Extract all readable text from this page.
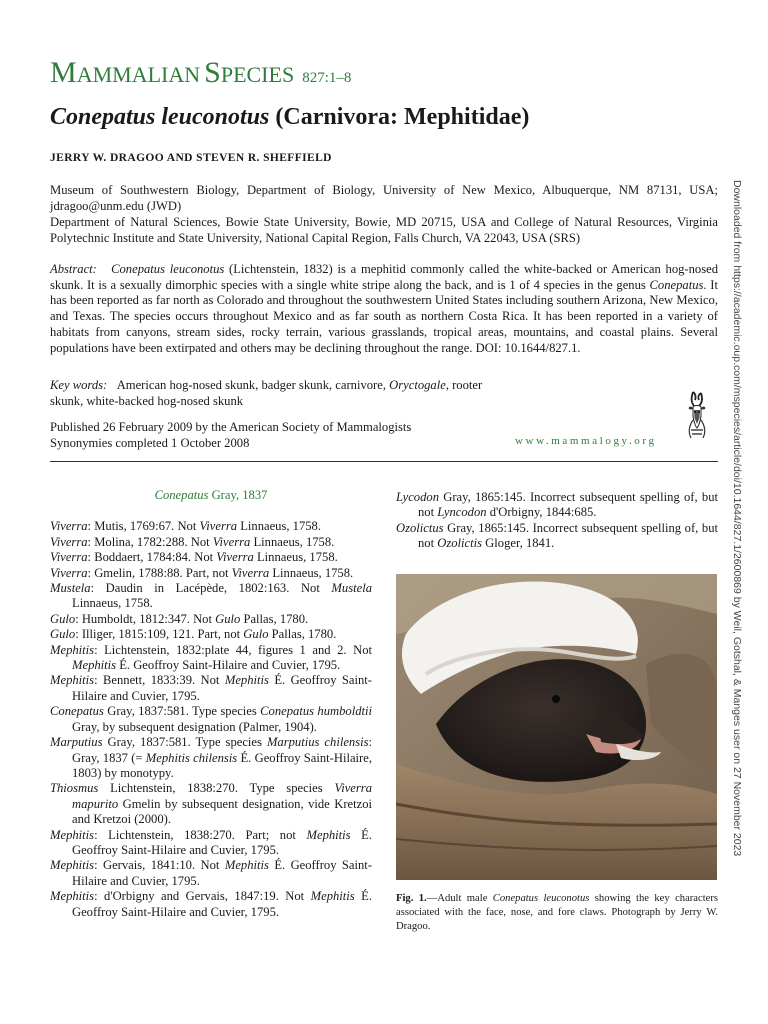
MAMMALIAN SPECIES 827:1–8
Conepatus leuconotus (Carnivora: Mephitidae)
JERRY W. DRAGOO AND STEVEN R. SHEFFIELD
Museum of Southwestern Biology, Department of Biology, University of New Mexico, Albuquerque, NM 87131, USA; jdragoo@unm.edu (JWD)
Department of Natural Sciences, Bowie State University, Bowie, MD 20715, USA and College of Natural Resources, Virginia Polytechnic Institute and State University, National Capital Region, Falls Church, VA 22043, USA (SRS)
Abstract: Conepatus leuconotus (Lichtenstein, 1832) is a mephitid commonly called the white-backed or American hog-nosed skunk. It is a sexually dimorphic species with a single white stripe along the back, and is 1 of 4 species in the genus Conepatus. It has been reported as far north as Colorado and throughout the southwestern United States including southern Arizona, New Mexico, and Texas. The species occurs throughout Mexico and as far south as northern Costa Rica. It has been reported in a variety of habitats from canyons, stream sides, rocky terrain, various grasslands, tropical areas, mountains, and coastal plains. Several populations have been extirpated and others may be declining throughout the range. DOI: 10.1644/827.1.
Key words: American hog-nosed skunk, badger skunk, carnivore, Oryctogale, rooter skunk, white-backed hog-nosed skunk
Published 26 February 2009 by the American Society of Mammalogists
Synonymies completed 1 October 2008	www.mammalogy.org	Downloaded from https://academic.oup.com/mspecies/article/doi/10.1644/827.1/2600869 by Weil, Gotshal, & Manges user on 27 November 2023
Conepatus Gray, 1837
Viverra: Mutis, 1769:67. Not Viverra Linnaeus, 1758.
Viverra: Molina, 1782:288. Not Viverra Linnaeus, 1758.
Viverra: Boddaert, 1784:84. Not Viverra Linnaeus, 1758.
Viverra: Gmelin, 1788:88. Part, not Viverra Linnaeus, 1758.
Mustela: Daudin in Lacépède, 1802:163. Not Mustela Linnaeus, 1758.
Gulo: Humboldt, 1812:347. Not Gulo Pallas, 1780.
Gulo: Illiger, 1815:109, 121. Part, not Gulo Pallas, 1780.
Mephitis: Lichtenstein, 1832:plate 44, figures 1 and 2. Not Mephitis É. Geoffroy Saint-Hilaire and Cuvier, 1795.
Mephitis: Bennett, 1833:39. Not Mephitis É. Geoffroy Saint-Hilaire and Cuvier, 1795.
Conepatus Gray, 1837:581. Type species Conepatus humboldtii Gray, by subsequent designation (Palmer, 1904).
Marputius Gray, 1837:581. Type species Marputius chilensis: Gray, 1837 (= Mephitis chilensis É. Geoffroy Saint-Hilaire, 1803) by monotypy.
Thiosmus Lichtenstein, 1838:270. Type species Viverra mapurito Gmelin by subsequent designation, vide Kretzoi and Kretzoi (2000).
Mephitis: Lichtenstein, 1838:270. Part; not Mephitis É. Geoffroy Saint-Hilaire and Cuvier, 1795.
Mephitis: Gervais, 1841:10. Not Mephitis É. Geoffroy Saint-Hilaire and Cuvier, 1795.
Mephitis: d'Orbigny and Gervais, 1847:19. Not Mephitis É. Geoffroy Saint-Hilaire and Cuvier, 1795.
Lycodon Gray, 1865:145. Incorrect subsequent spelling of, but not Lyncodon d'Orbigny, 1844:685.
Ozolictus Gray, 1865:145. Incorrect subsequent spelling of, but not Ozolictis Gloger, 1841.
Fig. 1.—Adult male Conepatus leuconotus showing the key characters associated with the face, nose, and fore claws. Photograph by Jerry W. Dragoo.
